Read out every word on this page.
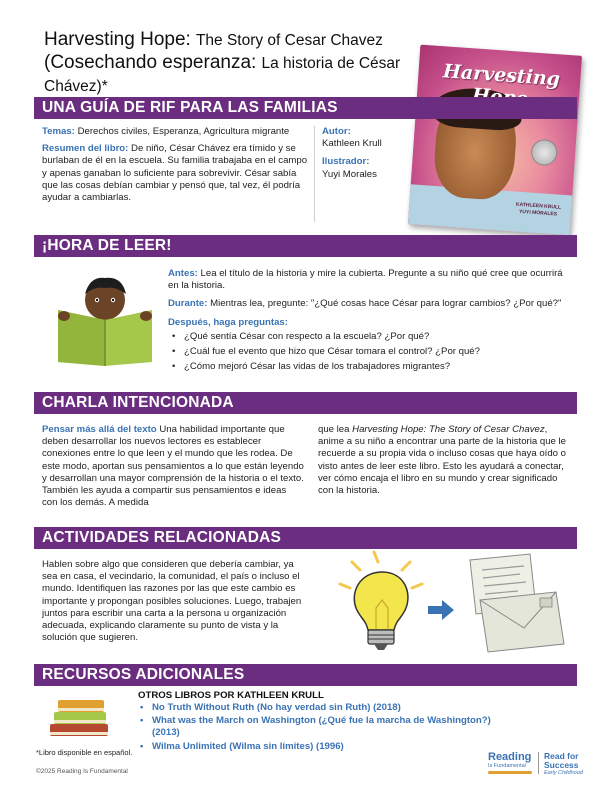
Harvesting Hope: The Story of Cesar Chavez
(Cosechando esperanza: La historia de César Chávez)*	Harvesting
KATHLEEN KRULL
YUYI MORALES
UNA GUÍA DE RIF PARA LAS FAMILIAS

Temas: Derechos civiles, Esperanza, Agricultura migrante

Resumen del libro: De niño, César Chávez era tímido y se burlaban de él en la escuela. Su familia trabajaba en el campo y apenas ganaban lo suficiente para sobrevivir. César sabía que las cosas debían cambiar y pensó que, tal vez, él podría ayudar a cambiarlas.

Autor:
Kathleen Krull

Ilustrador:
Yuyi Morales

¡HORA DE LEER!

Antes: Lea el título de la historia y mire la cubierta. Pregunte a su niño qué cree que ocurrirá en la historia.

Durante: Mientras lea, pregunte: "¿Qué cosas hace César para lograr cambios? ¿Por qué?"

Después, haga preguntas:
• ¿Qué sentía César con respecto a la escuela? ¿Por qué?
• ¿Cuál fue el evento que hizo que César tomara el control? ¿Por qué?
• ¿Cómo mejoró César las vidas de los trabajadores migrantes?
CHARLA INTENCIONADA
Pensar más allá del texto Una habilidad importante que deben desarrollar los nuevos lectores es establecer conexiones entre lo que leen y el mundo que les rodea. De este modo, aportan sus pensamientos a lo que están leyendo y desarrollan una mayor comprensión de la historia o el texto. También les ayuda a compartir sus pensamientos e ideas con los demás. A medida
que lea Harvesting Hope: The Story of Cesar Chavez, anime a su niño a encontrar una parte de la historia que le recuerde a su propia vida o incluso cosas que haya oído o visto antes de leer este libro. Esto les ayudará a conectar, ver cómo encaja el libro en su mundo y crear significado con la historia.
ACTIVIDADES RELACIONADAS
Hablen sobre algo que consideren que debería cambiar, ya sea en casa, el vecindario, la comunidad, el país o incluso el mundo. Identifiquen las razones por las que este cambio es importante y propongan posibles soluciones. Luego, trabajen juntos para escribir una carta a la persona u organización adecuada, explicando claramente su punto de vista y la solución que sugieren.
RECURSOS ADICIONALES
OTROS LIBROS POR KATHLEEN KRULL
• No Truth Without Ruth (No hay verdad sin Ruth) (2018)
• What was the March on Washington (¿Qué fue la marcha de Washington?) (2013)
• Wilma Unlimited (Wilma sin límites) (1996)
*Libro disponible en español.
©2025 Reading Is Fundamental
Reading
Is Fundamental
Read for Success
Early Childhood
